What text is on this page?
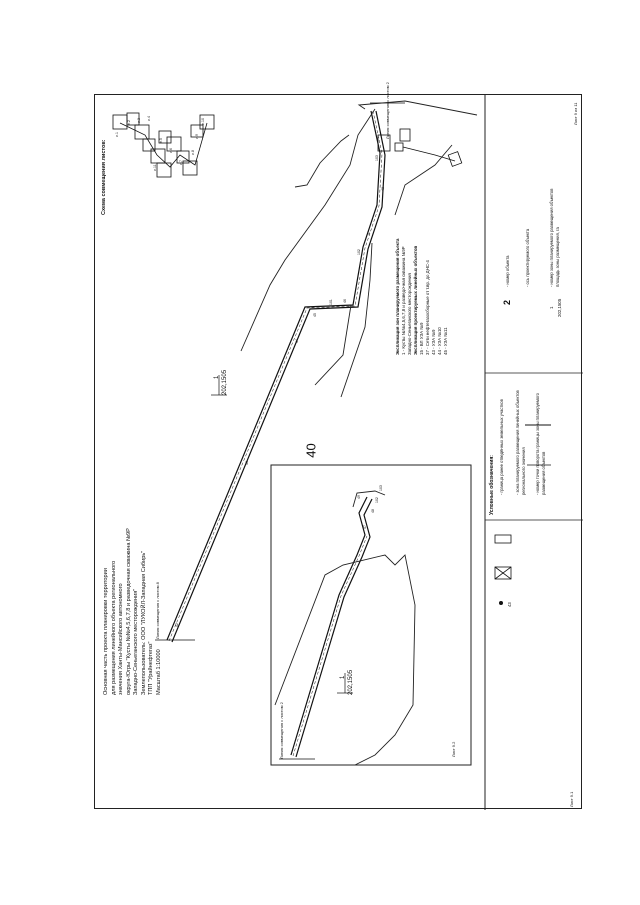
40
Основная часть проекта планировки территории для размещения линейного объекта регионального значения Ханты-Мансийского автономного округа-Югры "Кусты №№4,5,6,7,8 и разведочная скважина №9Р Западно-Сеньеганского месторождения" Землепользователь: ООО "ЛУКОЙЛ-Западная Сибирь" ТПП "Урайнефтегаз" Масштаб 1:10000
1 202,1505
Линия совмещения с листом 8
Линия совмещения с листом 2
42
43
44
45
46
47
48
101
102
103
Схема совмещения листов:
л.1
л.2 л.3 л.4
л.5
л.6
л.7
л.8
л.9
л.10
л.11
1 202,1505
Линия совмещения с листом 2	Лист 9.2
47
48
49
102
103
Экспликация зон планируемого размещения объекта 1 - Кусты №№4,5,6,7,8 и разведочная скважина №9Р Западно-Сеньеганского месторождения Экспликация проектируемых линейных объектов 15 - ВЛ УЗА №9 37 - Сети нефтегазосборные от т.вр. до ДНС-4 43 - УЗА №9 44 - УЗА №10 45 - УЗА №11
Условные обозначения: - граница ранее отведённых земельных участков	- зона планируемого размещения линейных объектов регионального значения
43
- номер точки поворота границы зоны планируемого размещения объектов
2
- номер объекта	- ось проектируемого объекта
1 202,1505
- номер зоны планируемого размещения объектов площадь зоны размещения, га
Лист 9.1
Лист 9 из 11
